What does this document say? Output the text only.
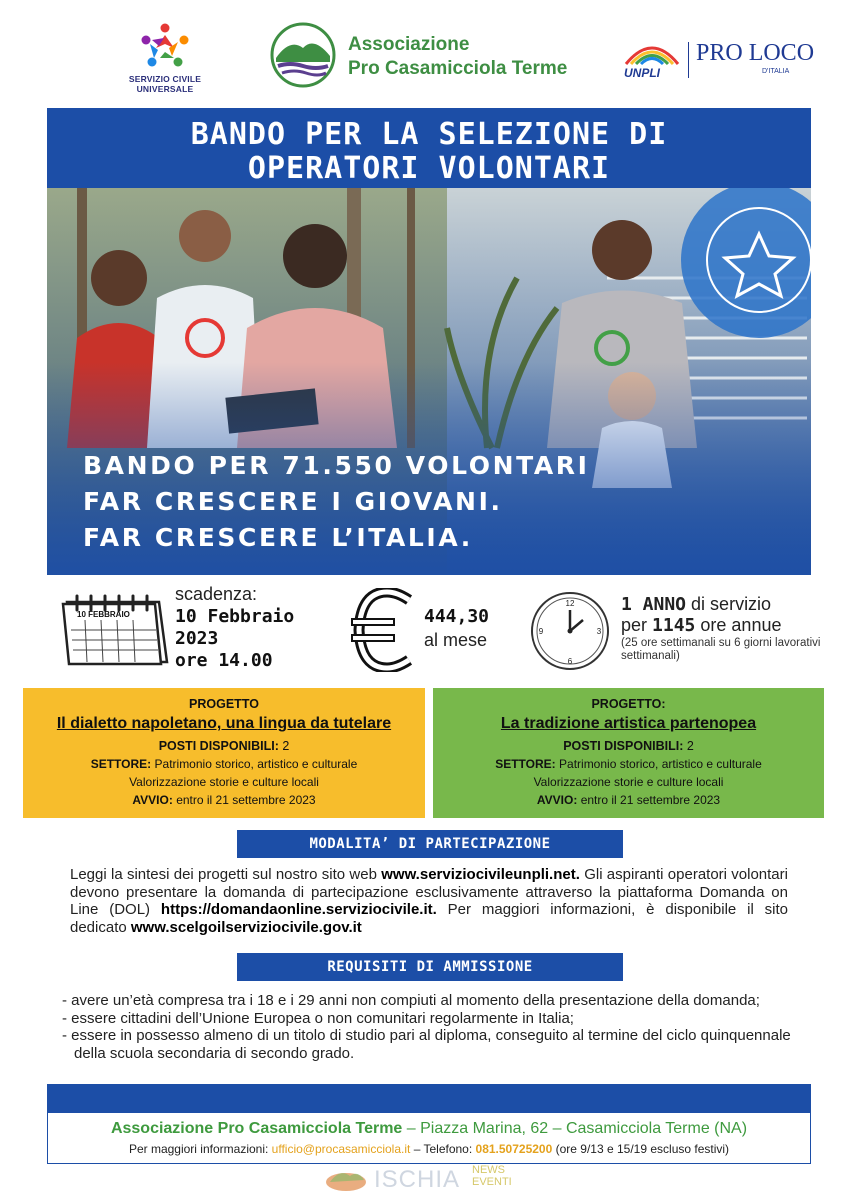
SERVIZIO CIVILE UNIVERSALE
Associazione
Pro Casamicciola Terme	UNPLI
PRO LOCO
D'ITALIA
BANDO PER LA SELEZIONE DI
OPERATORI VOLONTARI
BANDO PER 71.550 VOLONTARI
FAR CRESCERE I GIOVANI.
FAR CRESCERE L’ITALIA.
10 FEBBRAIO
scadenza:
10 Febbraio
2023
ore 14.00
444,30
al mese
12
3
6
9
1 ANNO di servizio
per 1145 ore annue
(25 ore settimanali su 6 giorni lavorativi settimanali)
PROGETTO
Il dialetto napoletano, una lingua da tutelare
POSTI DISPONIBILI: 2
SETTORE: Patrimonio storico, artistico e culturale
Valorizzazione storie e culture locali
AVVIO: entro il 21 settembre 2023
PROGETTO:
La tradizione artistica partenopea
POSTI DISPONIBILI: 2
SETTORE: Patrimonio storico, artistico e culturale
Valorizzazione storie e culture locali
AVVIO: entro il 21 settembre 2023
MODALITA’ DI PARTECIPAZIONE
Leggi la sintesi dei progetti sul nostro sito web www.serviziocivileunpli.net. Gli aspiranti operatori volontari devono presentare la domanda di partecipazione esclusivamente attraverso la piattaforma Domanda on Line (DOL) https://domandaonline.serviziocivile.it. Per maggiori informazioni, è disponibile il sito dedicato www.scelgoilserviziocivile.gov.it
REQUISITI DI AMMISSIONE
- avere un’età compresa tra i 18 e i 29 anni non compiuti al momento della presentazione della domanda;
- essere cittadini dell’Unione Europea o non comunitari regolarmente in Italia;
- essere in possesso almeno di un titolo di studio pari al diploma, conseguito al termine del ciclo quinquennale della scuola secondaria di secondo grado.
Associazione Pro Casamicciola Terme – Piazza Marina, 62 – Casamicciola Terme (NA)
Per maggiori informazioni: ufficio@procasamicciola.it – Telefono: 081.50725200 (ore 9/13 e 15/19 escluso festivi)
ISCHIA NEWS
EVENTI
